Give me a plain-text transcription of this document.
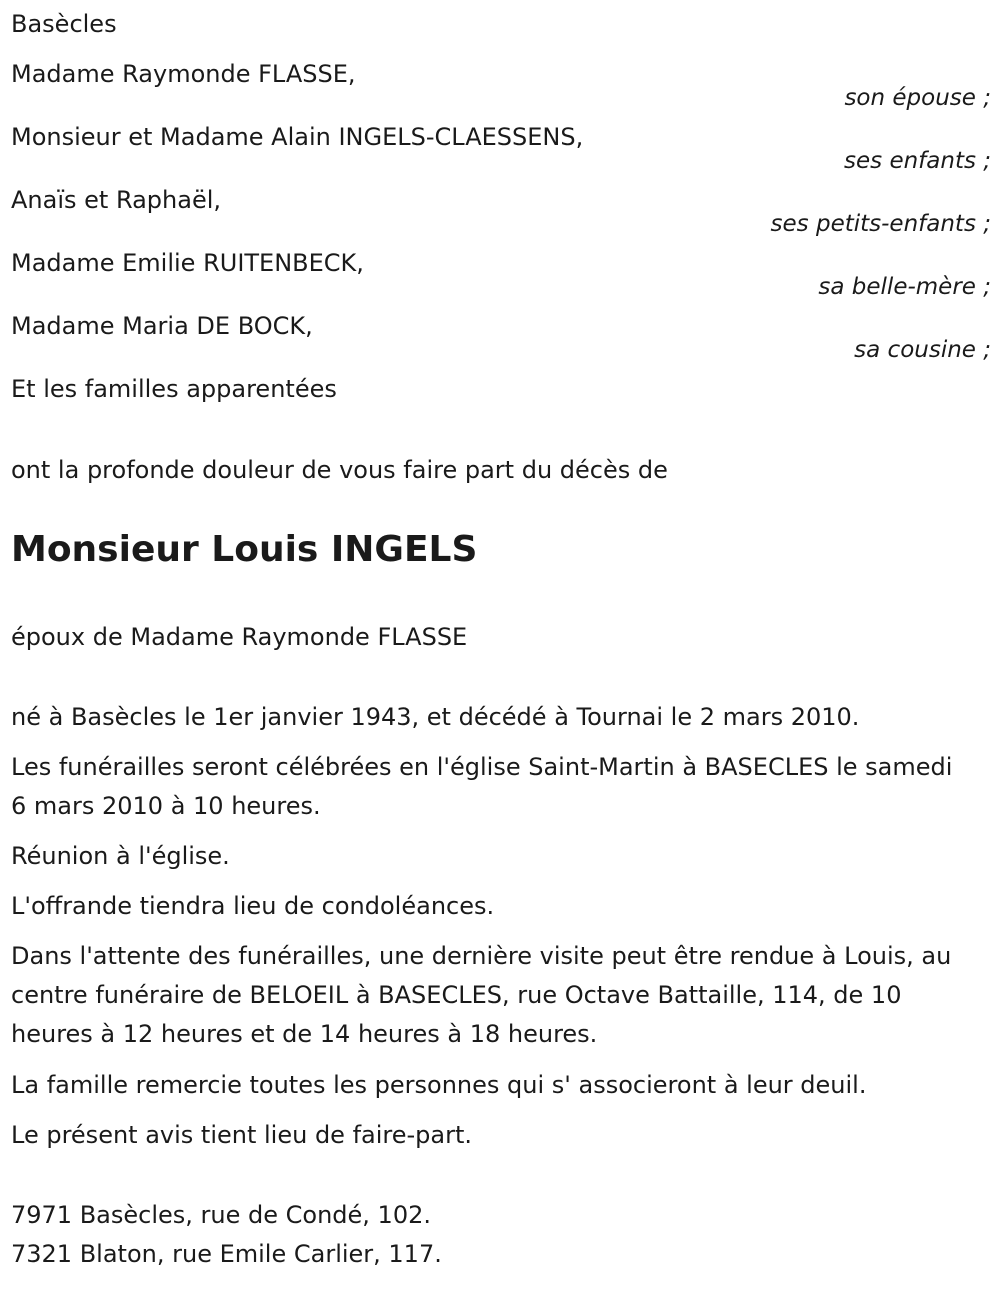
Basècles
Madame Raymonde FLASSE,
son épouse ;
Monsieur et Madame Alain INGELS-CLAESSENS,
ses enfants ;
Anaïs et Raphaël,
ses petits-enfants ;
Madame Emilie RUITENBECK,
sa belle-mère ;
Madame Maria DE BOCK,
sa cousine ;
Et les familles apparentées
ont la profonde douleur de vous faire part du décès de
Monsieur Louis INGELS
époux de Madame Raymonde FLASSE
né à Basècles le 1er janvier 1943, et décédé à Tournai le 2 mars 2010.
Les funérailles seront célébrées en l'église Saint-Martin à BASECLES le samedi 6 mars 2010 à 10 heures.
Réunion à l'église.
L'offrande tiendra lieu de condoléances.
Dans l'attente des funérailles, une dernière visite peut être rendue à Louis, au centre funéraire de BELOEIL à BASECLES, rue Octave Battaille, 114, de 10 heures à 12 heures et de 14 heures à 18 heures.
La famille remercie toutes les personnes qui s' associeront à leur deuil.
Le présent avis tient lieu de faire-part.
7971 Basècles, rue de Condé, 102.
7321 Blaton, rue Emile Carlier, 117.
